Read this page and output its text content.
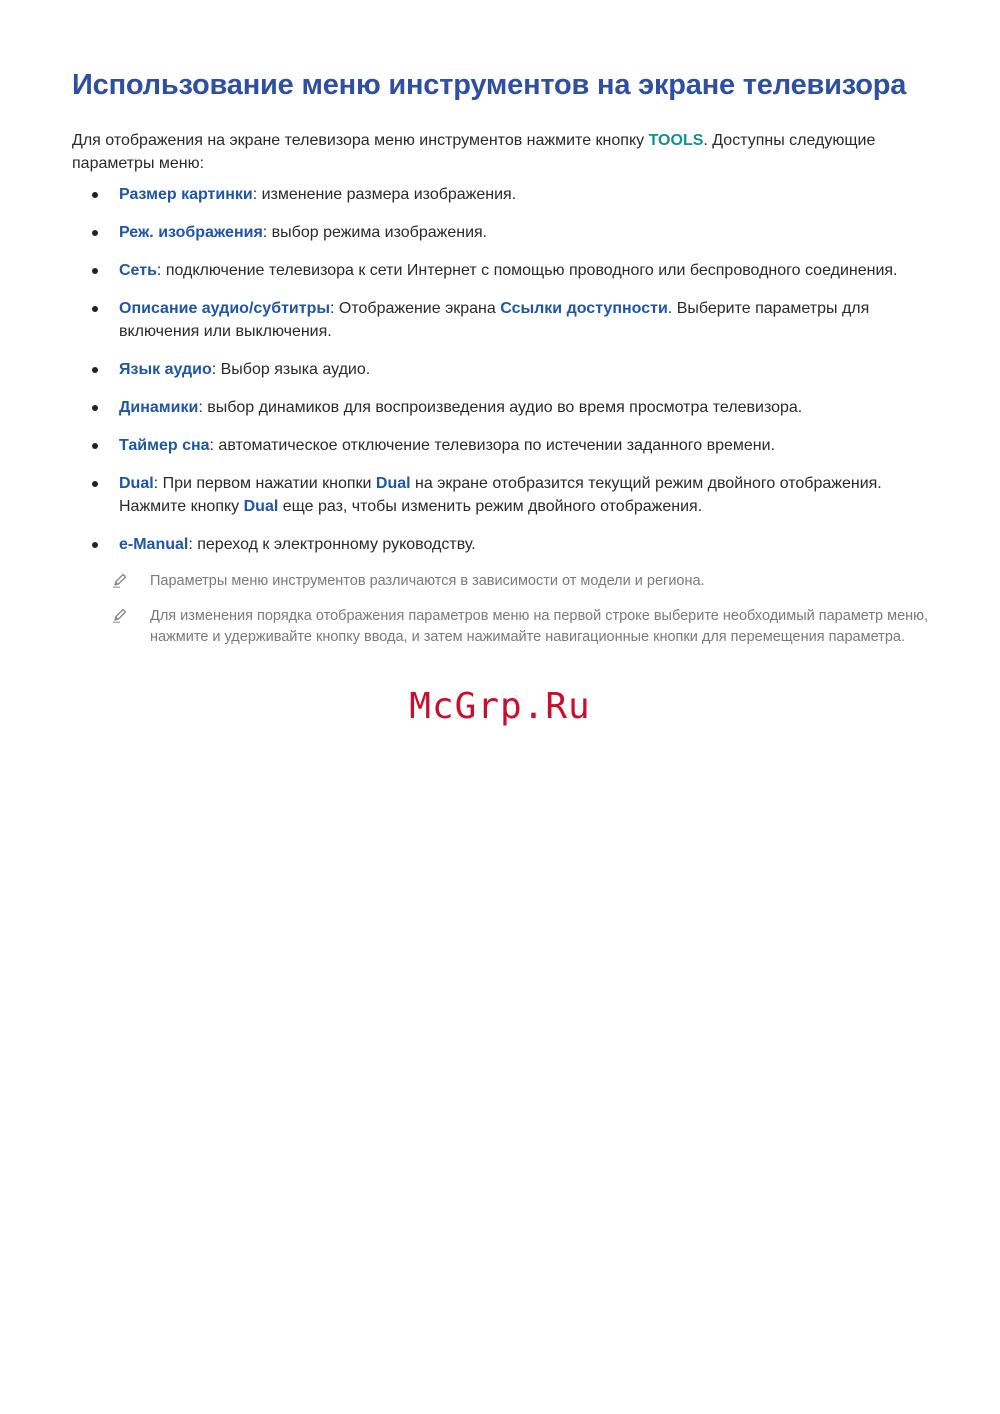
Использование меню инструментов на экране телевизора

Для отображения на экране телевизора меню инструментов нажмите кнопку TOOLS. Доступны следующие параметры меню:

Размер картинки: изменение размера изображения.
Реж. изображения: выбор режима изображения.
Сеть: подключение телевизора к сети Интернет с помощью проводного или беспроводного соединения.
Описание аудио/субтитры: Отображение экрана Ссылки доступности. Выберите параметры для включения или выключения.
Язык аудио: Выбор языка аудио.
Динамики: выбор динамиков для воспроизведения аудио во время просмотра телевизора.
Таймер сна: автоматическое отключение телевизора по истечении заданного времени.
Dual: При первом нажатии кнопки Dual на экране отобразится текущий режим двойного отображения. Нажмите кнопку Dual еще раз, чтобы изменить режим двойного отображения.
e-Manual: переход к электронному руководству.
Параметры меню инструментов различаются в зависимости от модели и региона.
Для изменения порядка отображения параметров меню на первой строке выберите необходимый параметр меню, нажмите и удерживайте кнопку ввода, и затем нажимайте навигационные кнопки для перемещения параметра.
McGrp.Ru
